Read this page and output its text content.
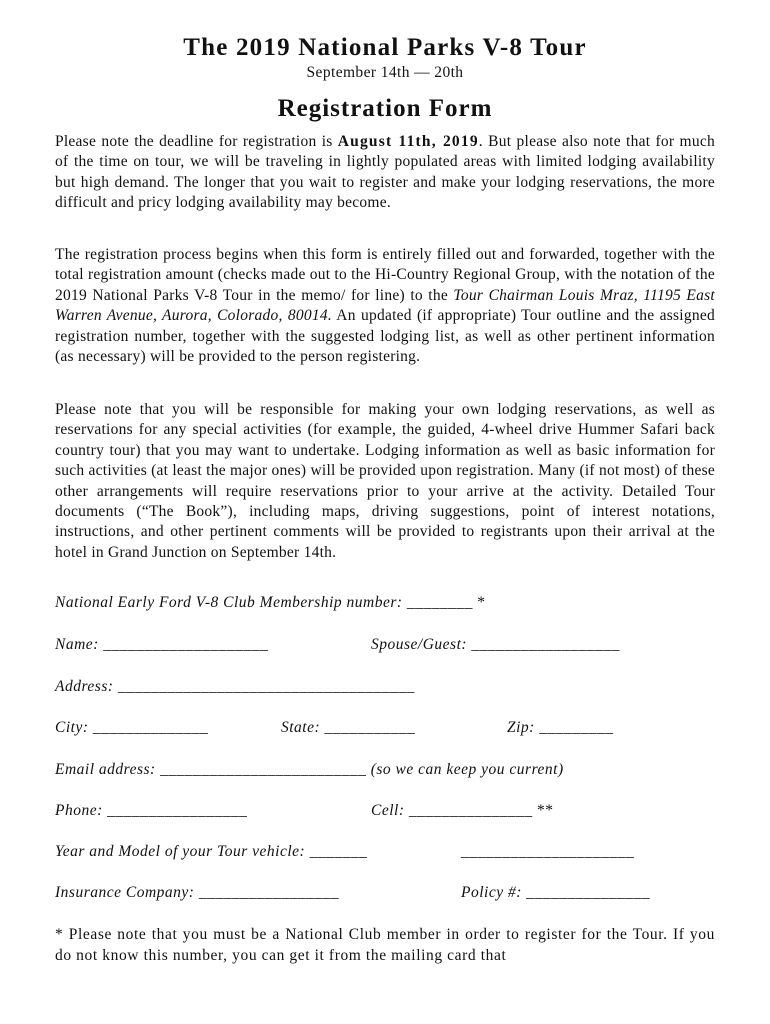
The 2019 National Parks V-8 Tour
September 14th — 20th
Registration Form

Please note the deadline for registration is August 11th, 2019. But please also note that for much of the time on tour, we will be traveling in lightly populated areas with limited lodging availability but high demand. The longer that you wait to register and make your lodging reservations, the more difficult and pricy lodging availability may become.

The registration process begins when this form is entirely filled out and forwarded, together with the total registration amount (checks made out to the Hi-Country Regional Group, with the notation of the 2019 National Parks V-8 Tour in the memo/ for line) to the Tour Chairman Louis Mraz, 11195 East Warren Avenue, Aurora, Colorado, 80014. An updated (if appropriate) Tour outline and the assigned registration number, together with the suggested lodging list, as well as other pertinent information (as necessary) will be provided to the person registering.

Please note that you will be responsible for making your own lodging reservations, as well as reservations for any special activities (for example, the guided, 4-wheel drive Hummer Safari back country tour) that you may want to undertake. Lodging information as well as basic information for such activities (at least the major ones) will be provided upon registration. Many (if not most) of these other arrangements will require reservations prior to your arrive at the activity. Detailed Tour documents (“The Book”), including maps, driving suggestions, point of interest notations, instructions, and other pertinent comments will be provided to registrants upon their arrival at the hotel in Grand Junction on September 14th.

National Early Ford V-8 Club Membership number: ________ *
Name: ____________________	Spouse/Guest: __________________
Address: ____________________________________
City: ______________	State: ___________	Zip: _________
Email address: _________________________ (so we can keep you current)
Phone: _________________	Cell: _______________ **
Year and Model of your Tour vehicle: _______	_____________________
Insurance Company: _________________	Policy #: _______________

* Please note that you must be a National Club member in order to register for the Tour. If you do not know this number, you can get it from the mailing card that
